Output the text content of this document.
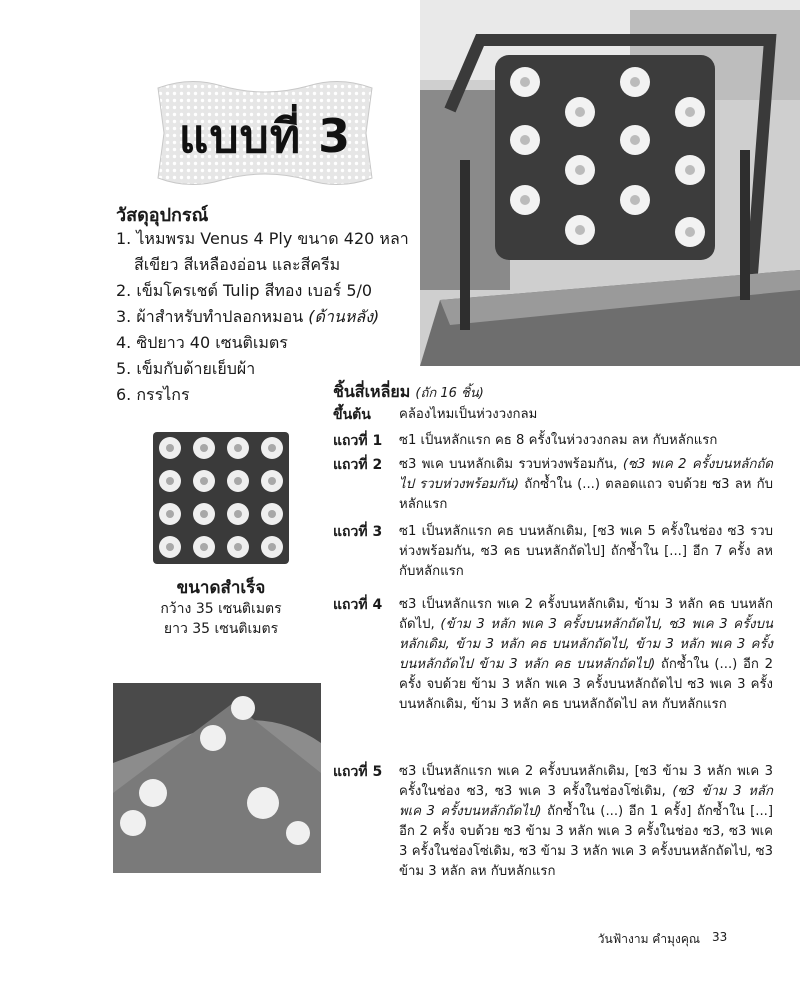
แบบที่ 3
วัสดุอุปกรณ์
1. ไหมพรม Venus 4 Ply ขนาด 420 หลา
สีเขียว สีเหลืองอ่อน และสีครีม
2. เข็มโครเชต์ Tulip สีทอง เบอร์ 5/0
3. ผ้าสำหรับทำปลอกหมอน (ด้านหลัง)
4. ซิปยาว 40 เซนติเมตร
5. เข็มกับด้ายเย็บผ้า
6. กรรไกร
ขนาดสำเร็จ
กว้าง 35 เซนติเมตร
ยาว 35 เซนติเมตร
ชิ้นสี่เหลี่ยม (ถัก 16 ชิ้น)
ขึ้นต้น คล้องไหมเป็นห่วงวงกลม
แถวที่ 1 ซ1 เป็นหลักแรก คธ 8 ครั้งในห่วงวงกลม ลห กับหลักแรก
แถวที่ 2 ซ3 พเค บนหลักเดิม รวบห่วงพร้อมกัน, (ซ3 พเค 2 ครั้งบนหลักถัดไป รวบห่วงพร้อมกัน) ถักซ้ำใน (...) ตลอดแถว จบด้วย ซ3 ลห กับหลักแรก
แถวที่ 3 ซ1 เป็นหลักแรก คธ บนหลักเดิม, [ซ3 พเค 5 ครั้งในช่อง ซ3 รวบห่วงพร้อมกัน, ซ3 คธ บนหลักถัดไป] ถักซ้ำใน [...] อีก 7 ครั้ง ลห กับหลักแรก
แถวที่ 4 ซ3 เป็นหลักแรก พเค 2 ครั้งบนหลักเดิม, ข้าม 3 หลัก คธ บนหลักถัดไป, (ข้าม 3 หลัก พเค 3 ครั้งบนหลักถัดไป, ซ3 พเค 3 ครั้งบนหลักเดิม, ข้าม 3 หลัก คธ บนหลักถัดไป, ข้าม 3 หลัก พเค 3 ครั้งบนหลักถัดไป ข้าม 3 หลัก คธ บนหลักถัดไป) ถักซ้ำใน (...) อีก 2 ครั้ง จบด้วย ข้าม 3 หลัก พเค 3 ครั้งบนหลักถัดไป ซ3 พเค 3 ครั้งบนหลักเดิม, ข้าม 3 หลัก คธ บนหลักถัดไป ลห กับหลักแรก
แถวที่ 5 ซ3 เป็นหลักแรก พเค 2 ครั้งบนหลักเดิม, [ซ3 ข้าม 3 หลัก พเค 3 ครั้งในช่อง ซ3, ซ3 พเค 3 ครั้งในช่องโซ่เดิม, (ซ3 ข้าม 3 หลัก พเค 3 ครั้งบนหลักถัดไป) ถักซ้ำใน (...) อีก 1 ครั้ง] ถักซ้ำใน [...] อีก 2 ครั้ง จบด้วย ซ3 ข้าม 3 หลัก พเค 3 ครั้งในช่อง ซ3, ซ3 พเค 3 ครั้งในช่องโซ่เดิม, ซ3 ข้าม 3 หลัก พเค 3 ครั้งบนหลักถัดไป, ซ3 ข้าม 3 หลัก ลห กับหลักแรก
วันฟ้างาม คำมุงคุณ 33
